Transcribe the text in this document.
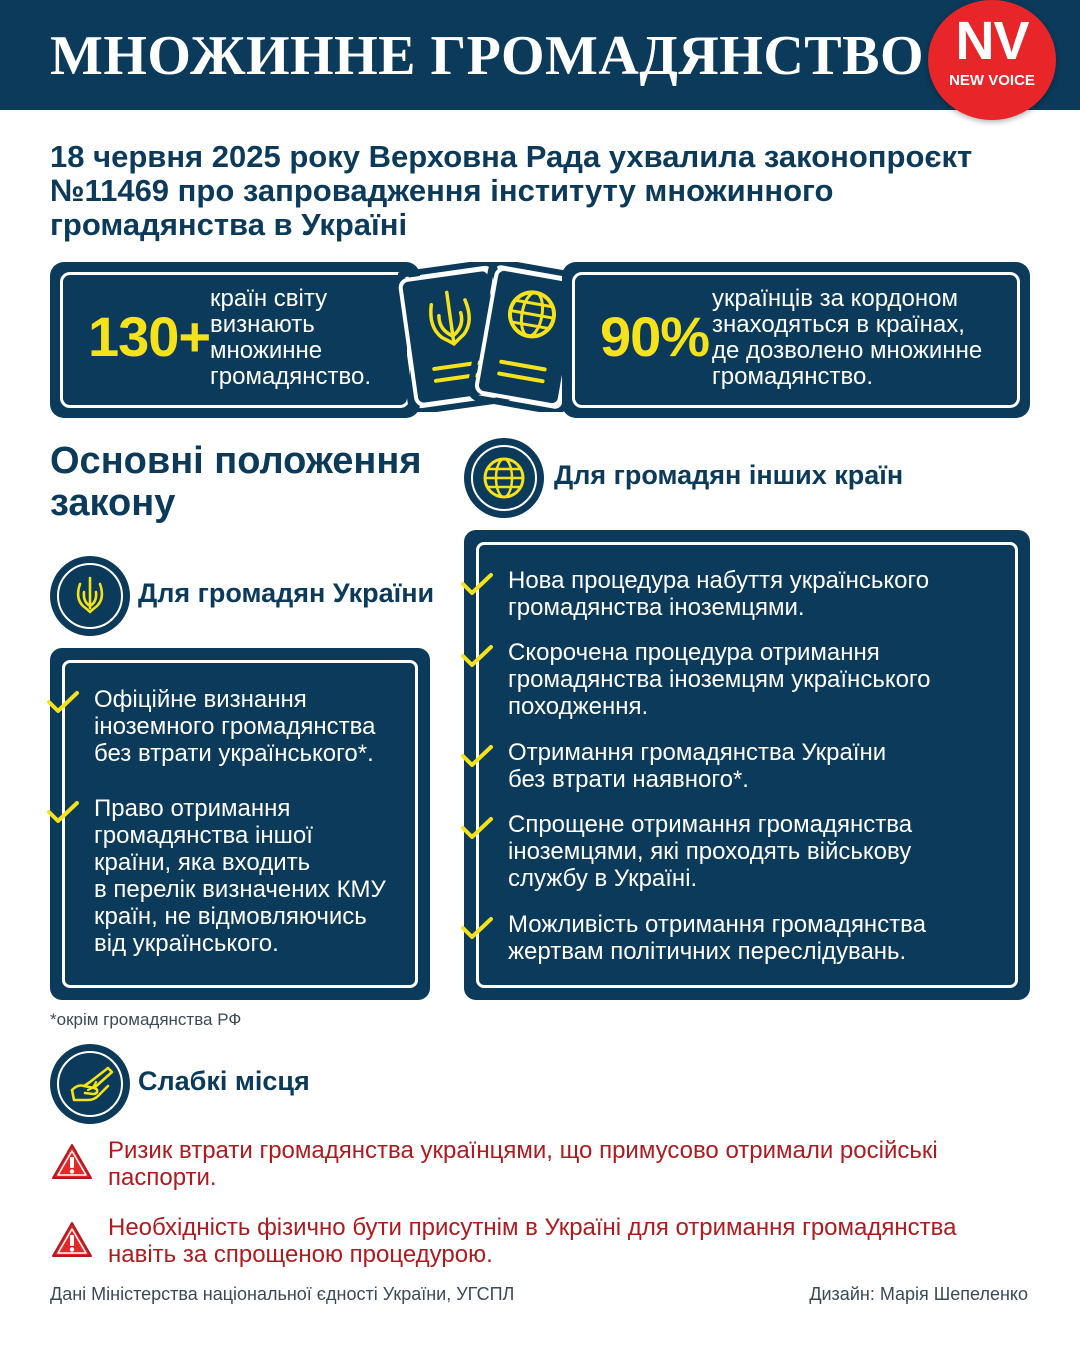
МНОЖИННЕ ГРОМАДЯНСТВО NV
NEW VOICE
18 червня 2025 року Верховна Рада ухвалила законопроєкт №11469 про запровадження інституту множинного громадянства в Україні
130+
країн світу
визнають
множинне
громадянство.
90%
українців за кордоном
знаходяться в країнах,
де дозволено множинне
громадянство.
Основні положення
закону
Для громадян України
Офіційне визнання
іноземного громадянства
без втрати українського*.
Право отримання
громадянства іншої
країни, яка входить
в перелік визначених КМУ
країн, не відмовляючись
від українського.
Для громадян інших країн
Нова процедура набуття українського
громадянства іноземцями.
Скорочена процедура отримання
громадянства іноземцям українського
походження.
Отримання громадянства України
без втрати наявного*.
Спрощене отримання громадянства
іноземцями, які проходять військову
службу в Україні.
Можливість отримання громадянства
жертвам політичних переслідувань.
*окрім громадянства РФ
Слабкі місця
Ризик втрати громадянства українцями, що примусово отримали російські
паспорти.
Необхідність фізично бути присутнім в Україні для отримання громадянства
навіть за спрощеною процедурою.
Дані Міністерства національної єдності України, УГСПЛ	Дизайн: Марія Шепеленко
